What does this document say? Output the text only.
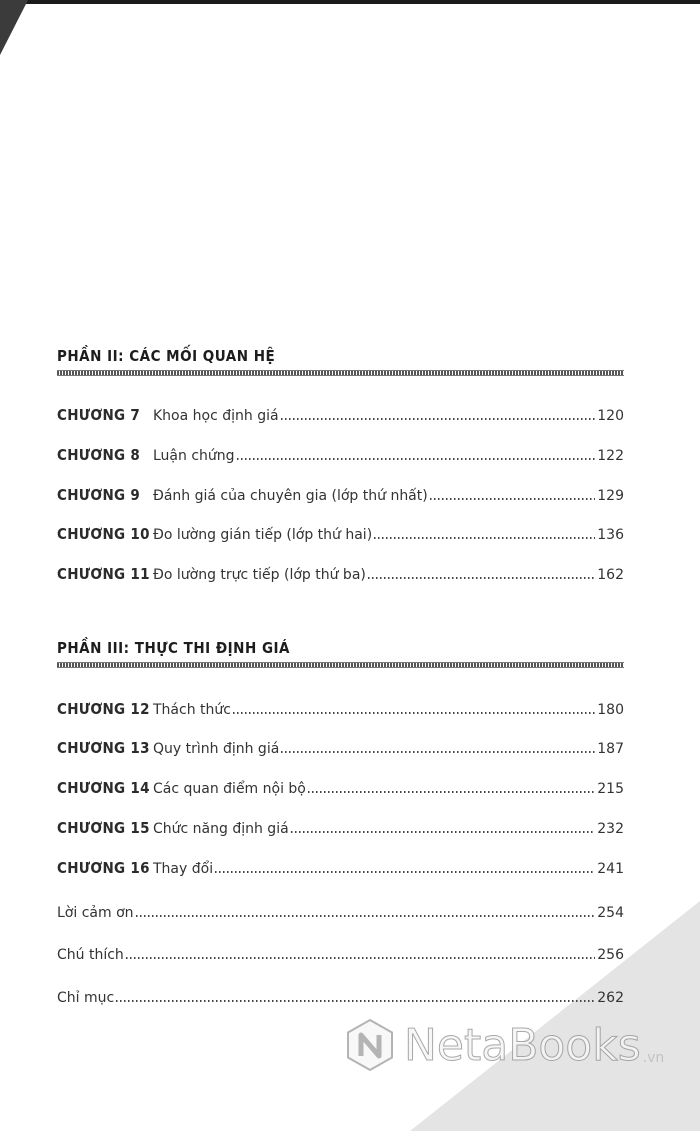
PHẦN II: CÁC MỐI QUAN HỆ
CHƯƠNG 7 Khoa học định giá	120
CHƯƠNG 8 Luận chứng	122
CHƯƠNG 9 Đánh giá của chuyên gia (lớp thứ nhất)	129
CHƯƠNG 10 Đo lường gián tiếp (lớp thứ hai)	136
CHƯƠNG 11 Đo lường trực tiếp (lớp thứ ba)	162
PHẦN III: THỰC THI ĐỊNH GIÁ
CHƯƠNG 12 Thách thức	180
CHƯƠNG 13 Quy trình định giá	187
CHƯƠNG 14 Các quan điểm nội bộ	215
CHƯƠNG 15 Chức năng định giá	232
CHƯƠNG 16 Thay đổi	241
Lời cảm ơn	254
Chú thích	256
Chỉ mục	262
NetaBooks .vn
